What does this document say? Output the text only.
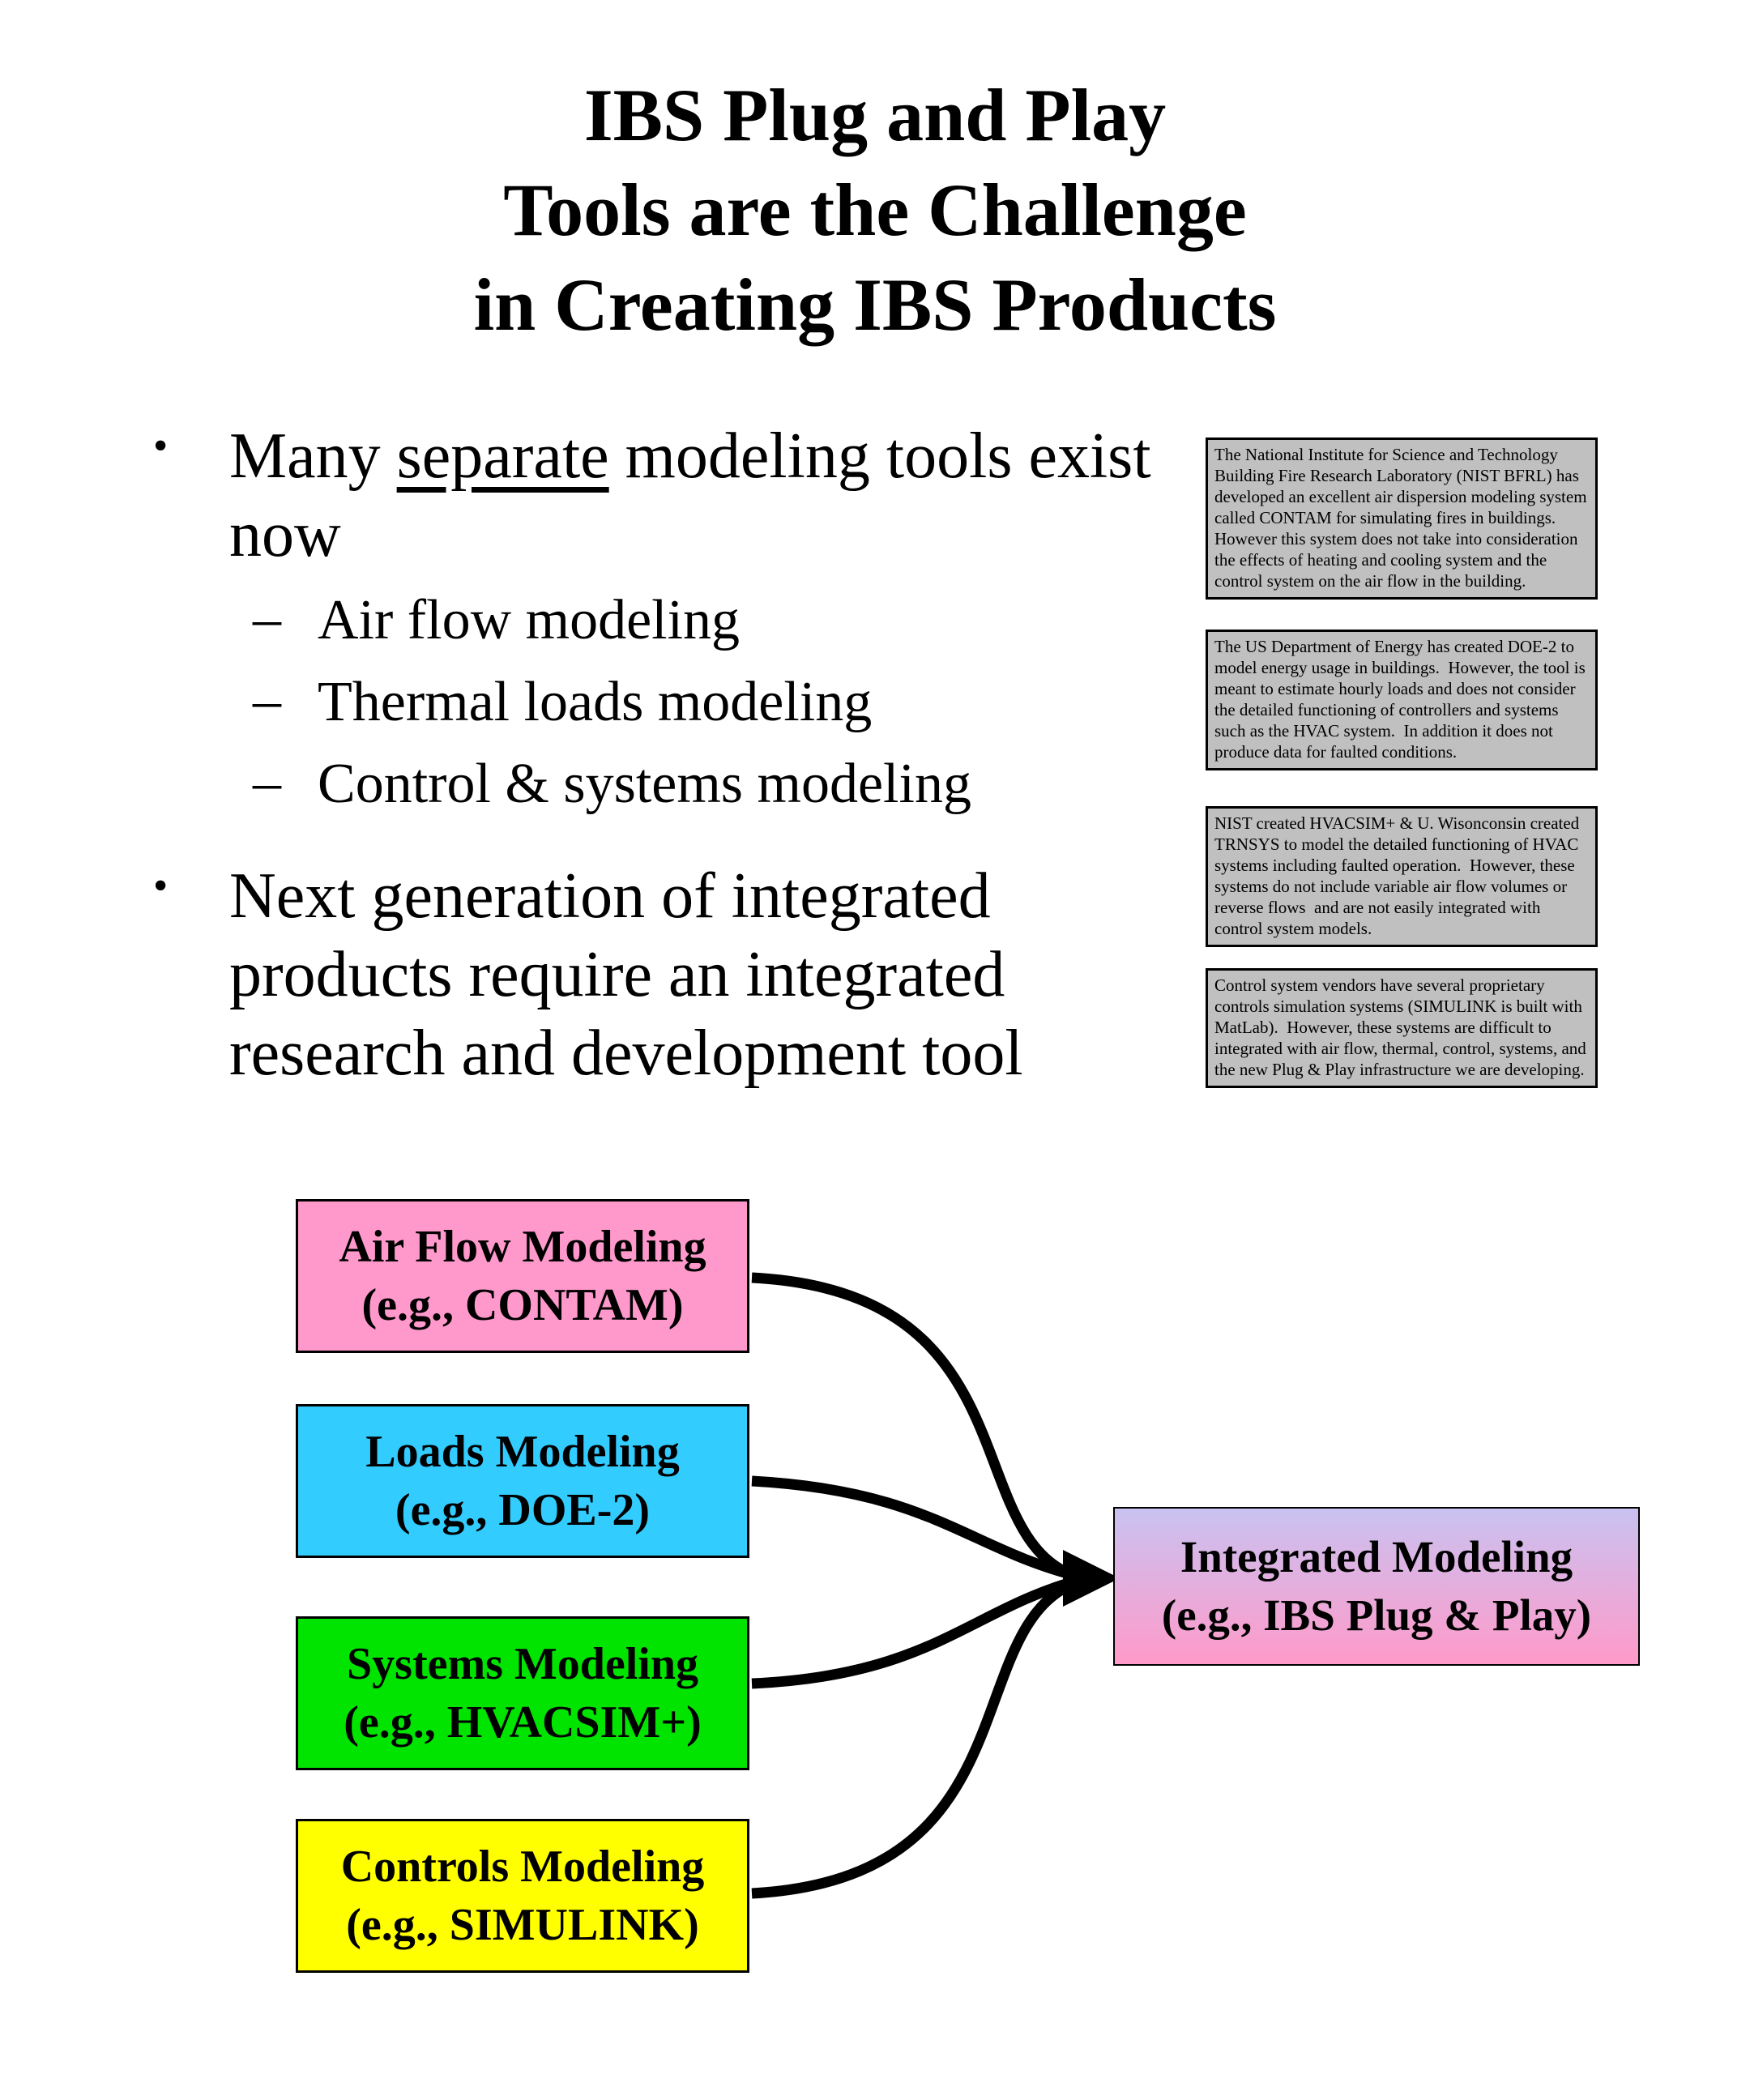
IBS Plug and Play
Tools are the Challenge
in Creating IBS Products
• Many separate modeling tools exist
now
– Air flow modeling
– Thermal loads modeling
– Control & systems modeling
• Next generation of integrated
products require an integrated
research and development tool
The National Institute for Science and Technology Building Fire Research Laboratory (NIST BFRL) has developed an excellent air dispersion modeling system called CONTAM for simulating fires in buildings.  However this system does not take into consideration the effects of heating and cooling system and the control system on the air flow in the building.
The US Department of Energy has created DOE-2 to model energy usage in buildings.  However, the tool is meant to estimate hourly loads and does not consider the detailed functioning of controllers and systems such as the HVAC system.  In addition it does not produce data for faulted conditions.
NIST created HVACSIM+ & U. Wisonconsin created TRNSYS to model the detailed functioning of HVAC systems including faulted operation.  However, these systems do not include variable air flow volumes or reverse flows  and are not easily integrated with control system models.
Control system vendors have several proprietary controls simulation systems (SIMULINK is built with MatLab).  However, these systems are difficult to integrated with air flow, thermal, control, systems, and the new Plug & Play infrastructure we are developing.
Air Flow Modeling
(e.g., CONTAM)
Loads Modeling
(e.g., DOE-2)
Systems Modeling
(e.g., HVACSIM+)
Controls Modeling
(e.g., SIMULINK)
Integrated Modeling
(e.g., IBS Plug & Play)
